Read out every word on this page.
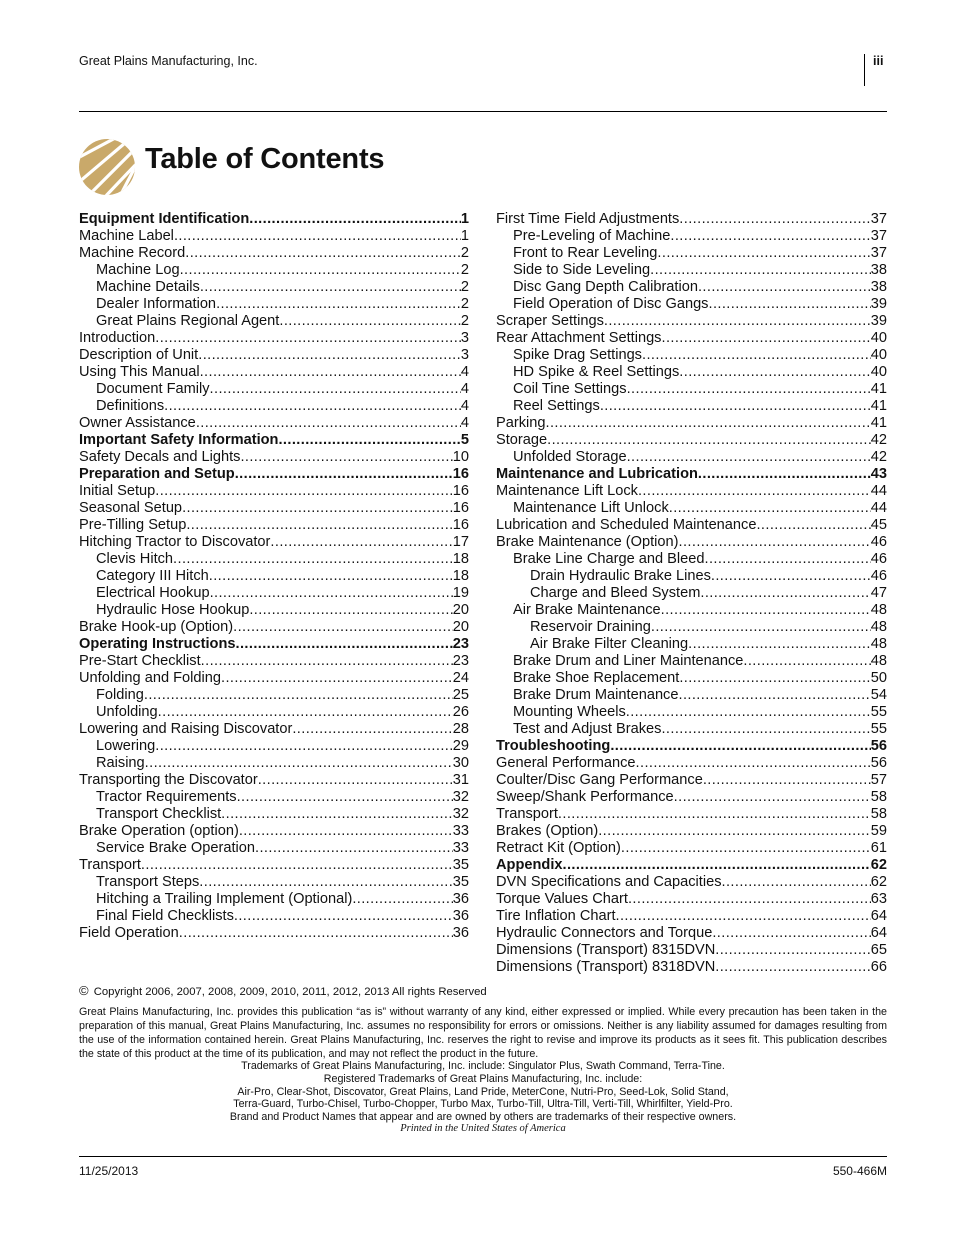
Great Plains Manufacturing, Inc.	iii
Table of Contents
Equipment Identification .....	1
Machine Label .....	1
Machine Record .....	2
Machine Log .....	2
Machine Details .....	2
Dealer Information .....	2
Great Plains Regional Agent .....	2
Introduction .....	3
Description of Unit .....	3
Using This Manual .....	4
Document Family .....	4
Definitions .....	4
Owner Assistance .....	4
Important Safety Information .....	5
Safety Decals and Lights .....	10
Preparation and Setup .....	16
Initial Setup .....	16
Seasonal Setup .....	16
Pre-Tilling Setup .....	16
Hitching Tractor to Discovator .....	17
Clevis Hitch .....	18
Category III Hitch .....	18
Electrical Hookup .....	19
Hydraulic Hose Hookup .....	20
Brake Hook-up (Option) .....	20
Operating Instructions .....	23
Pre-Start Checklist .....	23
Unfolding and Folding .....	24
Folding .....	25
Unfolding .....	26
Lowering and Raising Discovator .....	28
Lowering .....	29
Raising .....	30
Transporting the Discovator .....	31
Tractor Requirements .....	32
Transport Checklist .....	32
Brake Operation (option) .....	33
Service Brake Operation .....	33
Transport .....	35
Transport Steps .....	35
Hitching a Trailing Implement (Optional) .....	36
Final Field Checklists .....	36
Field Operation .....	36
First Time Field Adjustments .....	37
Pre-Leveling of Machine .....	37
Front to Rear Leveling .....	37
Side to Side Leveling .....	38
Disc Gang Depth Calibration .....	38
Field Operation of Disc Gangs .....	39
Scraper Settings .....	39
Rear Attachment Settings .....	40
Spike Drag Settings .....	40
HD Spike & Reel Settings .....	40
Coil Tine Settings .....	41
Reel Settings .....	41
Parking .....	41
Storage .....	42
Unfolded Storage .....	42
Maintenance and Lubrication .....	43
Maintenance Lift Lock .....	44
Maintenance Lift Unlock .....	44
Lubrication and Scheduled Maintenance .....	45
Brake Maintenance (Option) .....	46
Brake Line Charge and Bleed .....	46
Drain Hydraulic Brake Lines .....	46
Charge and Bleed System .....	47
Air Brake Maintenance .....	48
Reservoir Draining .....	48
Air Brake Filter Cleaning .....	48
Brake Drum and Liner Maintenance .....	48
Brake Shoe Replacement .....	50
Brake Drum Maintenance .....	54
Mounting Wheels .....	55
Test and Adjust Brakes .....	55
Troubleshooting .....	56
General Performance .....	56
Coulter/Disc Gang Performance .....	57
Sweep/Shank Performance .....	58
Transport .....	58
Brakes (Option) .....	59
Retract Kit (Option) .....	61
Appendix .....	62
DVN Specifications and Capacities .....	62
Torque Values Chart .....	63
Tire Inflation Chart .....	64
Hydraulic Connectors and Torque .....	64
Dimensions (Transport) 8315DVN .....	65
Dimensions (Transport) 8318DVN .....	66
© Copyright 2006, 2007, 2008, 2009, 2010, 2011, 2012, 2013 All rights Reserved
Great Plains Manufacturing, Inc. provides this publication “as is” without warranty of any kind, either expressed or implied. While every precaution has been taken in the preparation of this manual, Great Plains Manufacturing, Inc. assumes no responsibility for errors or omissions. Neither is any liability assumed for damages resulting from the use of the information contained herein. Great Plains Manufacturing, Inc. reserves the right to revise and improve its products as it sees fit. This publication describes the state of this product at the time of its publication, and may not reflect the product in the future.
Trademarks of Great Plains Manufacturing, Inc. include: Singulator Plus, Swath Command, Terra-Tine.
Registered Trademarks of Great Plains Manufacturing, Inc. include:
Air-Pro, Clear-Shot, Discovator, Great Plains, Land Pride, MeterCone, Nutri-Pro, Seed-Lok, Solid Stand,
Terra-Guard, Turbo-Chisel, Turbo-Chopper, Turbo Max, Turbo-Till, Ultra-Till, Verti-Till, Whirlfilter, Yield-Pro.
Brand and Product Names that appear and are owned by others are trademarks of their respective owners.
Printed in the United States of America
11/25/2013	550-466M
